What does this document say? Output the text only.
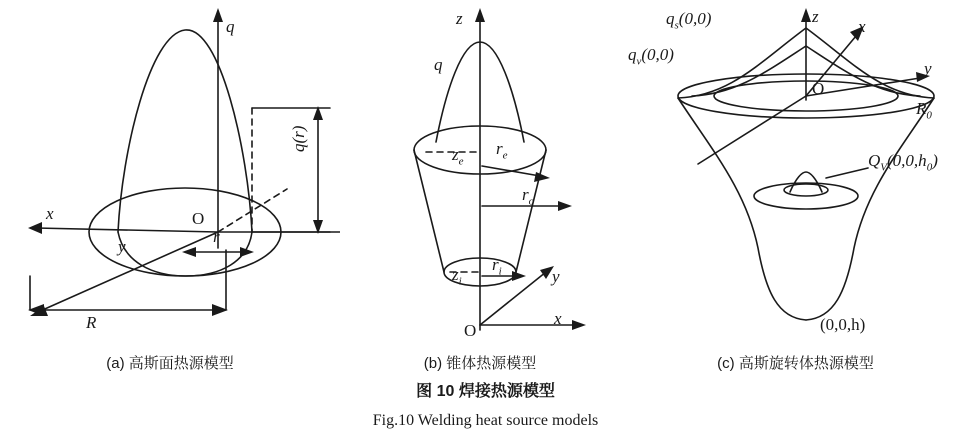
q
x
y
O
r
R
q(r)
(a) 高斯面热源模型
z
x
y
O
q
$z_e$
$z_i$
$r_e$
$r_o$
$r_i$
(b) 锥体热源模型
z
x
y
O
$q_s(0,0)$
$q_v(0,0)$
$R_0$
$Q_V(0,0,h_0)$
(0,0,h)
(c) 高斯旋转体热源模型
图 10 焊接热源模型
Fig.10 Welding heat source models
